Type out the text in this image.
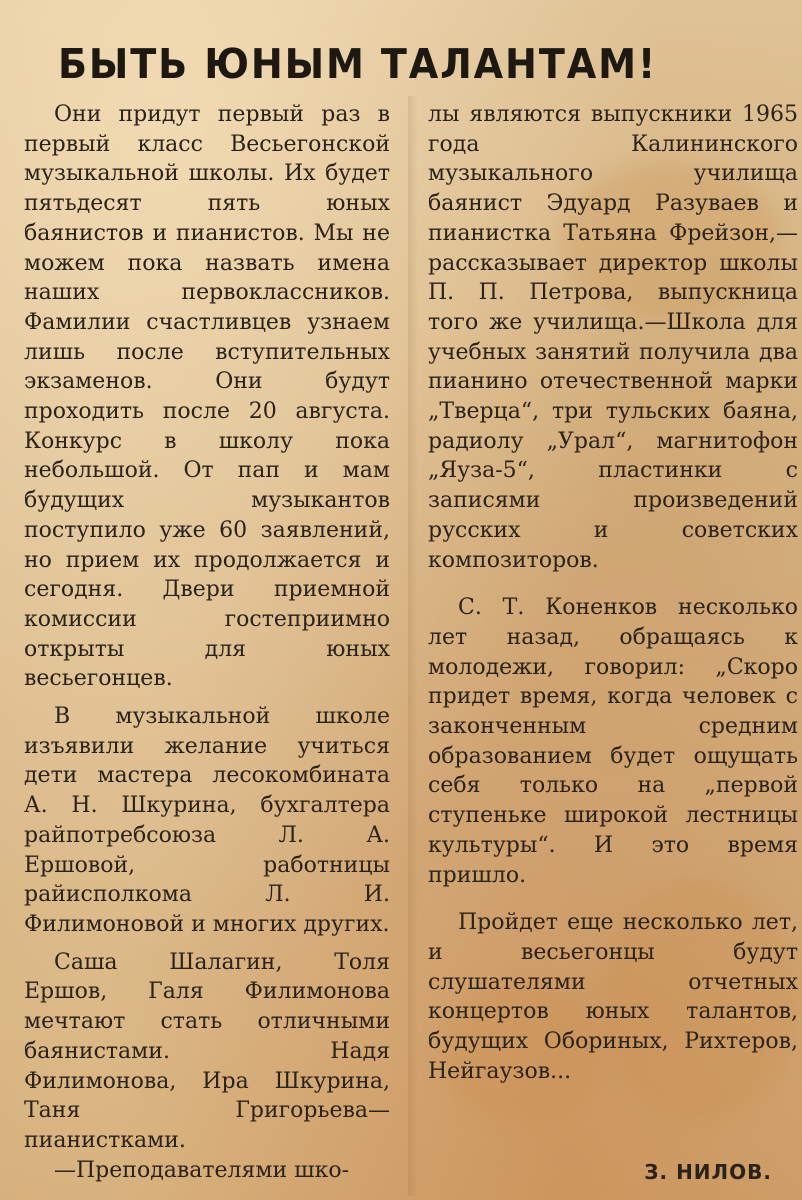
БЫТЬ ЮНЫМ ТАЛАНТАМ!

Они придут первый раз в первый класс Весьегонской музыкальной школы. Их будет пятьдесят пять юных баянистов и пианистов. Мы не можем пока назвать имена наших первоклассников. Фамилии счастливцев узнаем лишь после вступительных экзаменов. Они будут проходить после 20 августа. Конкурс в школу пока небольшой. От пап и мам будущих музыкантов поступило уже 60 заявлений, но прием их продолжается и сегодня. Двери приемной комиссии гостеприимно открыты для юных весьегонцев.

В музыкальной школе изъявили желание учиться дети мастера лесокомбината А. Н. Шкурина, бухгалтера райпотребсоюза Л. А. Ершовой, работницы райисполкома Л. И. Филимоновой и многих других.

Саша Шалагин, Толя Ершов, Галя Филимонова мечтают стать отличными баянистами. Надя Филимонова, Ира Шкурина, Таня Григорьева— пианистками.

—Преподавателями шко-

лы являются выпускники 1965 года Калининского музыкального училища баянист Эдуард Разуваев и пианистка Татьяна Фрейзон,—рассказывает директор школы П. П. Петрова, выпускница того же училища.—Школа для учебных занятий получила два пианино отечественной марки „Тверца“, три тульских баяна, радиолу „Урал“, магнитофон „Яуза-5“, пластинки с записями произведений русских и советских композиторов.

С. Т. Коненков несколько лет назад, обращаясь к молодежи, говорил: „Скоро придет время, когда человек с законченным средним образованием будет ощущать себя только на „первой ступеньке широкой лестницы культуры“. И это время пришло.

Пройдет еще несколько лет, и весьегонцы будут слушателями отчетных концертов юных талантов, будущих Обориных, Рихтеров, Нейгаузов...

З. НИЛОВ.
